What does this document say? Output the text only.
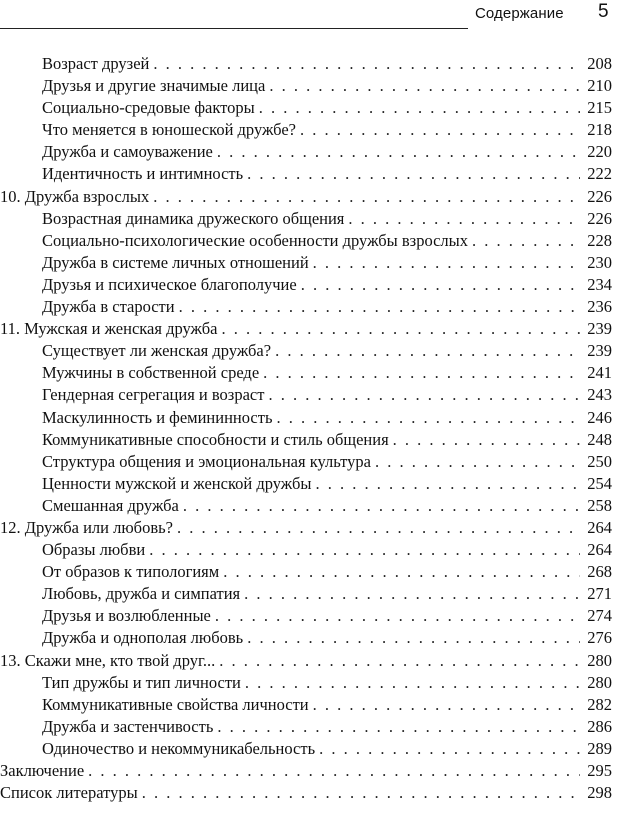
Содержание 5
Возраст друзей . . .	208
Друзья и другие значимые лица . . .	210
Социально-средовые факторы . . .	215
Что меняется в юношеской дружбе? . . .	218
Дружба и самоуважение . . .	220
Идентичность и интимность . . .	222
10. Дружба взрослых . . .	226
Возрастная динамика дружеского общения . . .	226
Социально-психологические особенности дружбы взрослых . . .	228
Дружба в системе личных отношений . . .	230
Друзья и психическое благополучие . . .	234
Дружба в старости . . .	236
11. Мужская и женская дружба . . .	239
Существует ли женская дружба? . . .	239
Мужчины в собственной среде . . .	241
Гендерная сегрегация и возраст . . .	243
Маскулинность и фемининность . . .	246
Коммуникативные способности и стиль общения . . .	248
Структура общения и эмоциональная культура . . .	250
Ценности мужской и женской дружбы . . .	254
Смешанная дружба . . .	258
12. Дружба или любовь? . . .	264
Образы любви . . .	264
От образов к типологиям . . .	268
Любовь, дружба и симпатия . . .	271
Друзья и возлюбленные . . .	274
Дружба и однополая любовь . . .	276
13. Скажи мне, кто твой друг... . . .	280
Тип дружбы и тип личности . . .	280
Коммуникативные свойства личности . . .	282
Дружба и застенчивость . . .	286
Одиночество и некоммуникабельность . . .	289
Заключение . . .	295
Список литературы . . .	298
